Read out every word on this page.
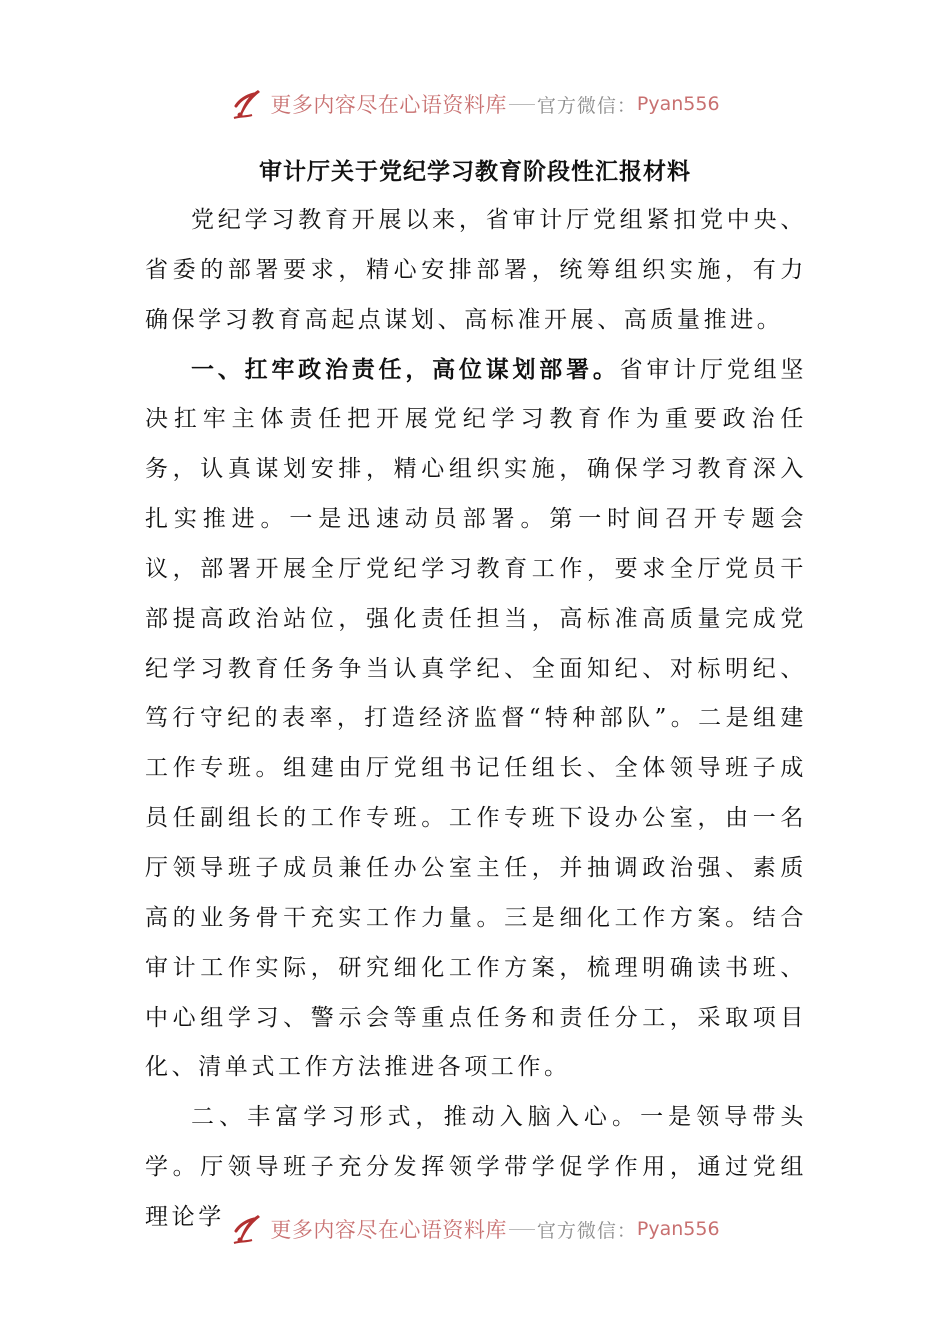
更多内容尽在心语资料库 官方微信： Pyan556
审计厅关于党纪学习教育阶段性汇报材料

党纪学习教育开展以来，省审计厅党组紧扣党中央、省委的部署要求，精心安排部署，统筹组织实施，有力确保学习教育高起点谋划、高标准开展、高质量推进。

一、扛牢政治责任，高位谋划部署。省审计厅党组坚决扛牢主体责任把开展党纪学习教育作为重要政治任务，认真谋划安排，精心组织实施，确保学习教育深入扎实推进。一是迅速动员部署。第一时间召开专题会议，部署开展全厅党纪学习教育工作，要求全厅党员干部提高政治站位，强化责任担当，高标准高质量完成党纪学习教育任务争当认真学纪、全面知纪、对标明纪、笃行守纪的表率，打造经济监督“特种部队”。二是组建工作专班。组建由厅党组书记任组长、全体领导班子成员任副组长的工作专班。工作专班下设办公室，由一名厅领导班子成员兼任办公室主任，并抽调政治强、素质高的业务骨干充实工作力量。三是细化工作方案。结合审计工作实际，研究细化工作方案，梳理明确读书班、中心组学习、警示会等重点任务和责任分工，采取项目化、清单式工作方法推进各项工作。

二、丰富学习形式，推动入脑入心。一是领导带头学。厅领导班子充分发挥领学带学促学作用，通过党组理论学

更多内容尽在心语资料库 官方微信： Pyan556
